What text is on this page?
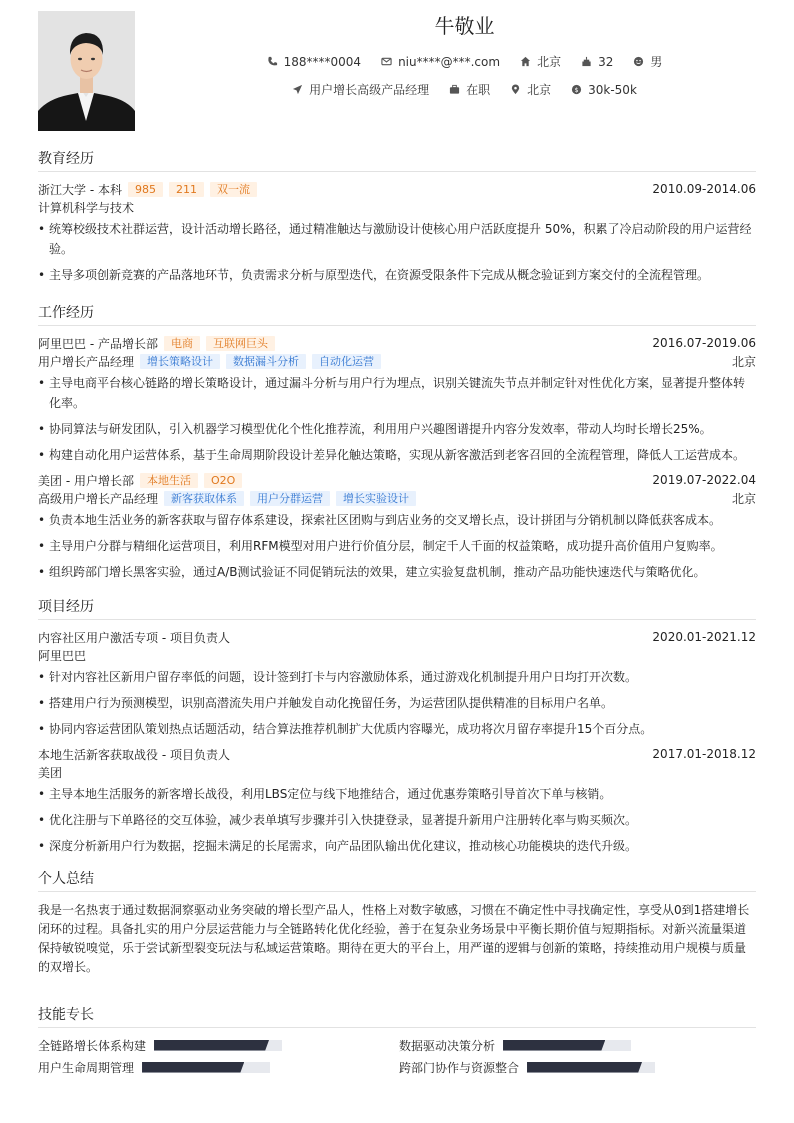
牛敬业
188****0004	niu****@***.com	北京	32	男
用户增长高级产品经理	在职	北京	$ 30k-50k
教育经历
浙江大学 - 本科	985	211	双一流	2010.09-2014.06
计算机科学与技术
• 统筹校级技术社群运营，设计活动增长路径，通过精准触达与激励设计使核心用户活跃度提升 50%，积累了冷启动阶段的用户运营经验。
• 主导多项创新竞赛的产品落地环节，负责需求分析与原型迭代，在资源受限条件下完成从概念验证到方案交付的全流程管理。
工作经历
阿里巴巴 - 产品增长部	电商	互联网巨头	2016.07-2019.06
用户增长产品经理	增长策略设计	数据漏斗分析	自动化运营	北京
• 主导电商平台核心链路的增长策略设计，通过漏斗分析与用户行为埋点，识别关键流失节点并制定针对性优化方案，显著提升整体转化率。
• 协同算法与研发团队，引入机器学习模型优化个性化推荐流，利用用户兴趣图谱提升内容分发效率，带动人均时长增长25%。
• 构建自动化用户运营体系，基于生命周期阶段设计差异化触达策略，实现从新客激活到老客召回的全流程管理，降低人工运营成本。
美团 - 用户增长部	本地生活	O2O	2019.07-2022.04
高级用户增长产品经理	新客获取体系	用户分群运营	增长实验设计	北京
• 负责本地生活业务的新客获取与留存体系建设，探索社区团购与到店业务的交叉增长点，设计拼团与分销机制以降低获客成本。
• 主导用户分群与精细化运营项目，利用RFM模型对用户进行价值分层，制定千人千面的权益策略，成功提升高价值用户复购率。
• 组织跨部门增长黑客实验，通过A/B测试验证不同促销玩法的效果，建立实验复盘机制，推动产品功能快速迭代与策略优化。
项目经历
内容社区用户激活专项 - 项目负责人	2020.01-2021.12
阿里巴巴
• 针对内容社区新用户留存率低的问题，设计签到打卡与内容激励体系，通过游戏化机制提升用户日均打开次数。
• 搭建用户行为预测模型，识别高潜流失用户并触发自动化挽留任务，为运营团队提供精准的目标用户名单。
• 协同内容运营团队策划热点话题活动，结合算法推荐机制扩大优质内容曝光，成功将次月留存率提升15个百分点。
本地生活新客获取战役 - 项目负责人	2017.01-2018.12
美团
• 主导本地生活服务的新客增长战役，利用LBS定位与线下地推结合，通过优惠券策略引导首次下单与核销。
• 优化注册与下单路径的交互体验，减少表单填写步骤并引入快捷登录，显著提升新用户注册转化率与购买频次。
• 深度分析新用户行为数据，挖掘未满足的长尾需求，向产品团队输出优化建议，推动核心功能模块的迭代升级。
个人总结
我是一名热衷于通过数据洞察驱动业务突破的增长型产品人，性格上对数字敏感，习惯在不确定性中寻找确定性，享受从0到1搭建增长闭环的过程。具备扎实的用户分层运营能力与全链路转化优化经验，善于在复杂业务场景中平衡长期价值与短期指标。对新兴流量渠道保持敏锐嗅觉，乐于尝试新型裂变玩法与私域运营策略。期待在更大的平台上，用严谨的逻辑与创新的策略，持续推动用户规模与质量的双增长。
技能专长
全链路增长体系构建	数据驱动决策分析
用户生命周期管理	跨部门协作与资源整合
